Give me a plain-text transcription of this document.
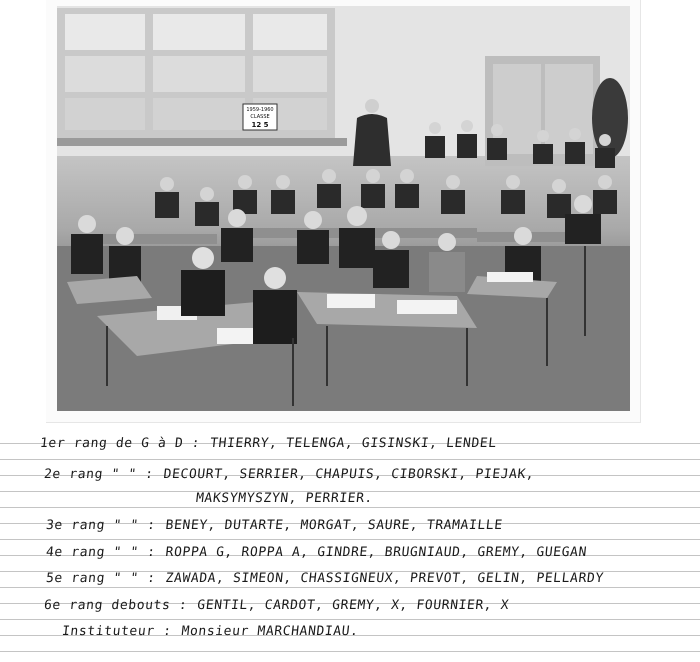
1959-1960
CLASSE
12 5
1er rang de G à D : THIERRY, TELENGA, GISINSKI, LENDEL
2e rang " " : DECOURT, SERRIER, CHAPUIS, CIBORSKI, PIEJAK,
MAKSYMYSZYN, PERRIER.
3e rang " " : BENEY, DUTARTE, MORGAT, SAURE, TRAMAILLE
4e rang " " : ROPPA G, ROPPA A, GINDRE, BRUGNIAUD, GREMY, GUEGAN
5e rang " " : ZAWADA, SIMEON, CHASSIGNEUX, PREVOT, GELIN, PELLARDY
6e rang debouts : GENTIL, CARDOT, GREMY, X, FOURNIER, X
Instituteur : Monsieur MARCHANDIAU.
